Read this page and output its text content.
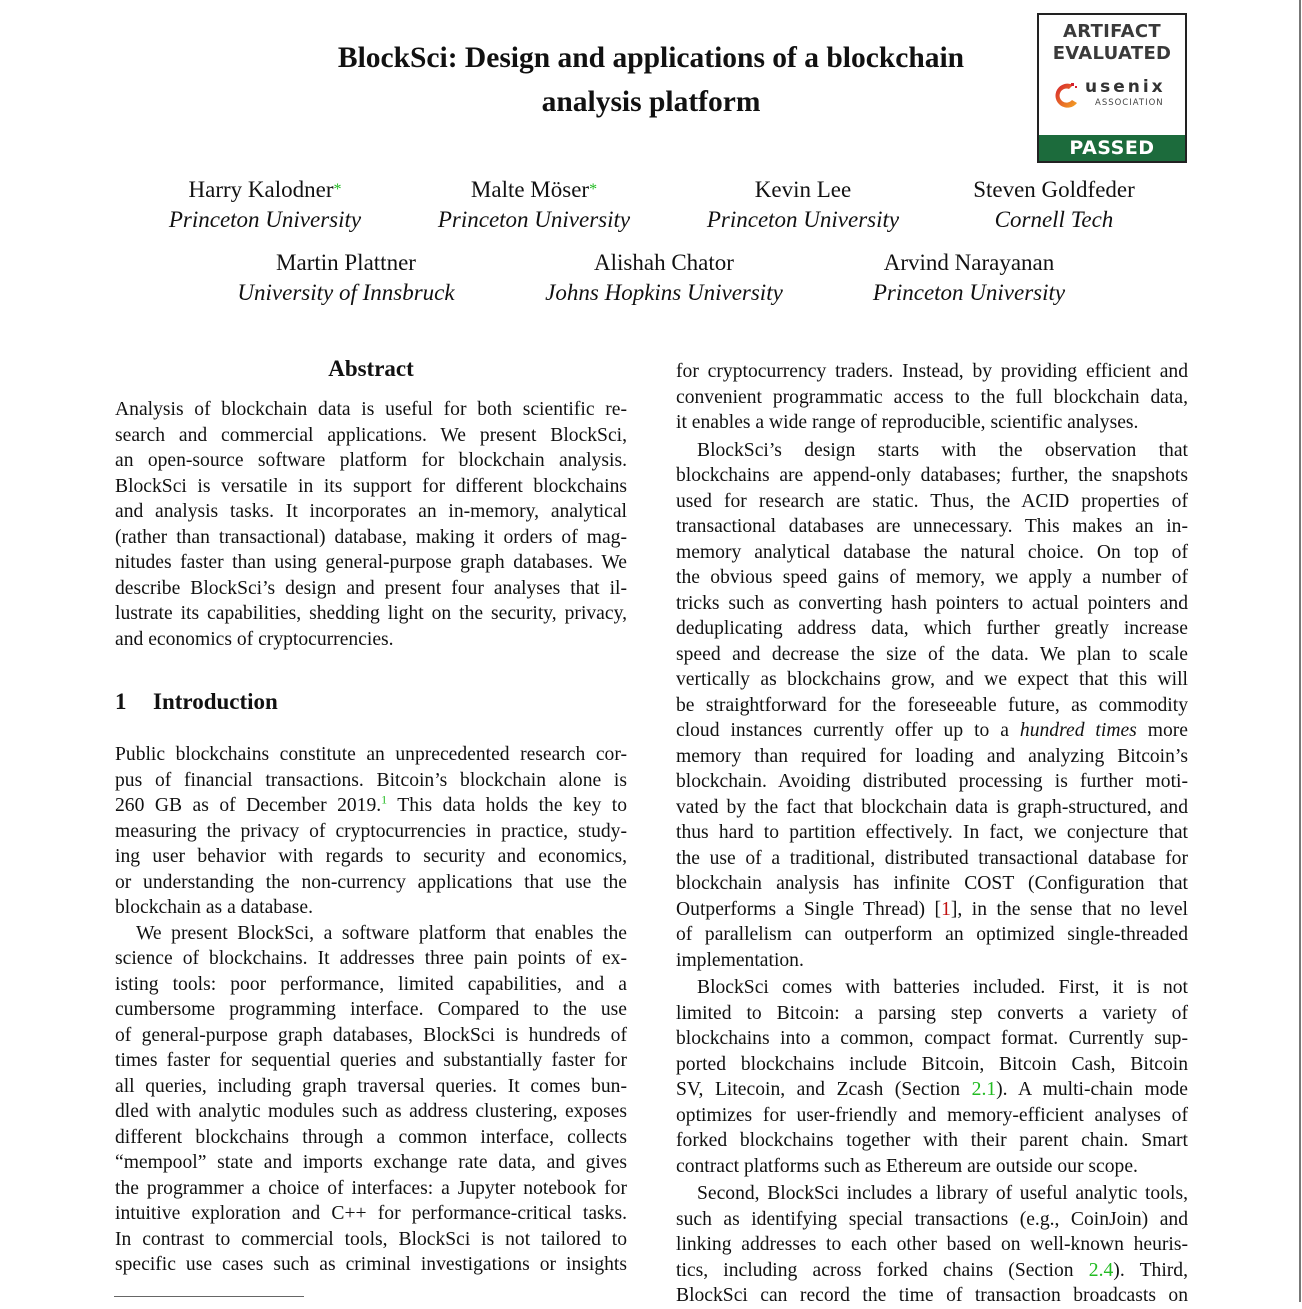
BlockSci: Design and applications of a blockchain
analysis platform
ARTIFACT
EVALUATED
usenix
ASSOCIATION
PASSED
Harry Kalodner*
Princeton University
Malte Möser*
Princeton University
Kevin Lee
Princeton University
Steven Goldfeder
Cornell Tech
Martin Plattner
University of Innsbruck
Alishah Chator
Johns Hopkins University
Arvind Narayanan
Princeton University
Abstract
Analysis of blockchain data is useful for both scientific re-
search and commercial applications. We present BlockSci,
an open-source software platform for blockchain analysis.
BlockSci is versatile in its support for different blockchains
and analysis tasks. It incorporates an in-memory, analytical
(rather than transactional) database, making it orders of mag-
nitudes faster than using general-purpose graph databases. We
describe BlockSci’s design and present four analyses that il-
lustrate its capabilities, shedding light on the security, privacy,
and economics of cryptocurrencies.
1 Introduction
Public blockchains constitute an unprecedented research cor-
pus of financial transactions. Bitcoin’s blockchain alone is
260 GB as of December 2019.$^1$ This data holds the key to
measuring the privacy of cryptocurrencies in practice, study-
ing user behavior with regards to security and economics,
or understanding the non-currency applications that use the
blockchain as a database.
We present BlockSci, a software platform that enables the
science of blockchains. It addresses three pain points of ex-
isting tools: poor performance, limited capabilities, and a
cumbersome programming interface. Compared to the use
of general-purpose graph databases, BlockSci is hundreds of
times faster for sequential queries and substantially faster for
all queries, including graph traversal queries. It comes bun-
dled with analytic modules such as address clustering, exposes
different blockchains through a common interface, collects
“mempool” state and imports exchange rate data, and gives
the programmer a choice of interfaces: a Jupyter notebook for
intuitive exploration and C++ for performance-critical tasks.
In contrast to commercial tools, BlockSci is not tailored to
specific use cases such as criminal investigations or insights
for cryptocurrency traders. Instead, by providing efficient and
convenient programmatic access to the full blockchain data,
it enables a wide range of reproducible, scientific analyses.
BlockSci’s design starts with the observation that
blockchains are append-only databases; further, the snapshots
used for research are static. Thus, the ACID properties of
transactional databases are unnecessary. This makes an in-
memory analytical database the natural choice. On top of
the obvious speed gains of memory, we apply a number of
tricks such as converting hash pointers to actual pointers and
deduplicating address data, which further greatly increase
speed and decrease the size of the data. We plan to scale
vertically as blockchains grow, and we expect that this will
be straightforward for the foreseeable future, as commodity
cloud instances currently offer up to a hundred times more
memory than required for loading and analyzing Bitcoin’s
blockchain. Avoiding distributed processing is further moti-
vated by the fact that blockchain data is graph-structured, and
thus hard to partition effectively. In fact, we conjecture that
the use of a traditional, distributed transactional database for
blockchain analysis has infinite COST (Configuration that
Outperforms a Single Thread) [1], in the sense that no level
of parallelism can outperform an optimized single-threaded
implementation.
BlockSci comes with batteries included. First, it is not
limited to Bitcoin: a parsing step converts a variety of
blockchains into a common, compact format. Currently sup-
ported blockchains include Bitcoin, Bitcoin Cash, Bitcoin
SV, Litecoin, and Zcash (Section 2.1). A multi-chain mode
optimizes for user-friendly and memory-efficient analyses of
forked blockchains together with their parent chain. Smart
contract platforms such as Ethereum are outside our scope.
Second, BlockSci includes a library of useful analytic tools,
such as identifying special transactions (e.g., CoinJoin) and
linking addresses to each other based on well-known heuris-
tics, including across forked chains (Section 2.4). Third,
BlockSci can record the time of transaction broadcasts on
